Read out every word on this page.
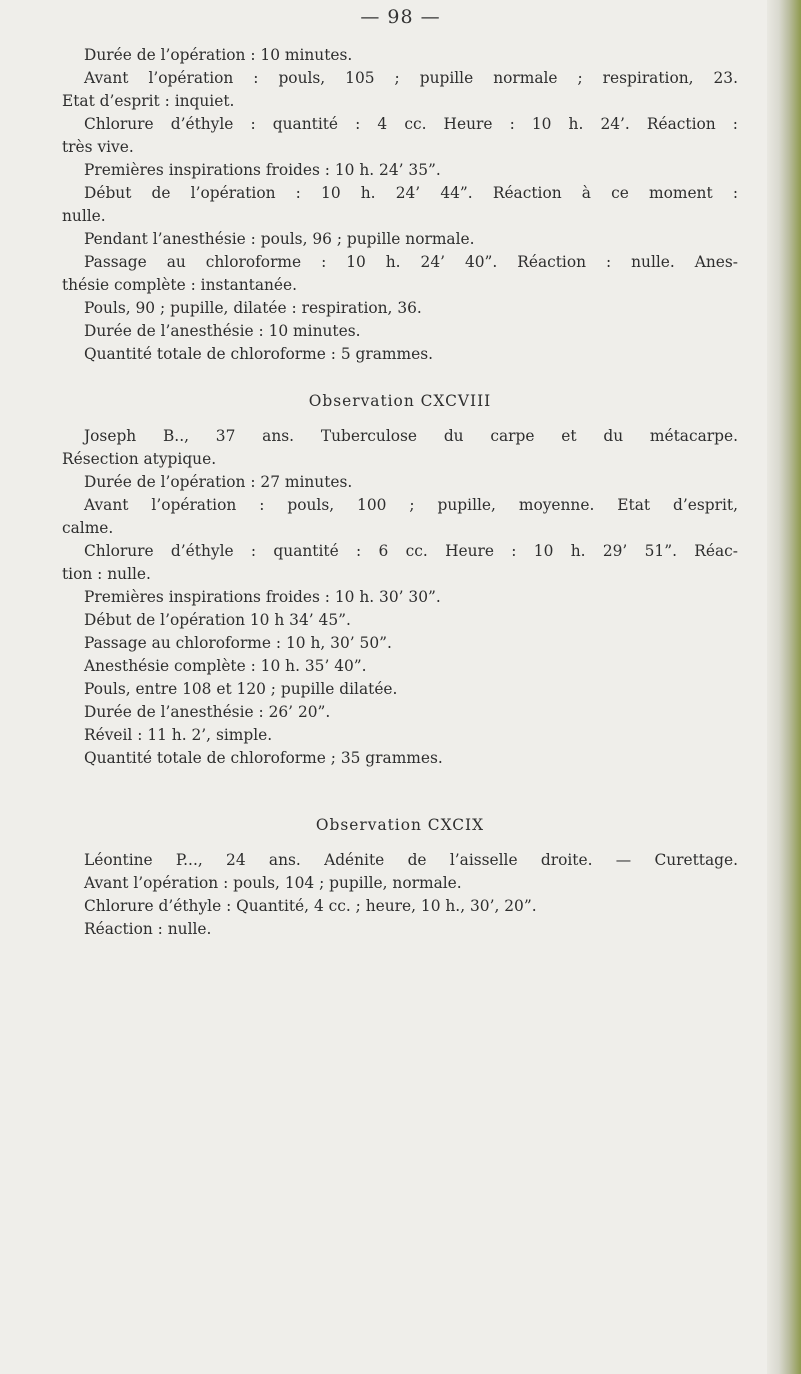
— 98 —

Durée de l’opération : 10 minutes.

Avant l’opération : pouls, 105 ; pupille normale ; respiration, 23.

Etat d’esprit : inquiet.

Chlorure d’éthyle : quantité : 4 cc. Heure : 10 h. 24’. Réaction :

très vive.

Premières inspirations froides : 10 h. 24’ 35”.

Début de l’opération : 10 h. 24’ 44”. Réaction à ce moment :

nulle.

Pendant l’anesthésie : pouls, 96 ; pupille normale.

Passage au chloroforme : 10 h. 24’ 40”. Réaction : nulle. Anes-

thésie complète : instantanée.

Pouls, 90 ; pupille, dilatée : respiration, 36.

Durée de l’anesthésie : 10 minutes.

Quantité totale de chloroforme : 5 grammes.

Observation CXCVIII

Joseph B.., 37 ans. Tuberculose du carpe et du métacarpe.

Résection atypique.

Durée de l’opération : 27 minutes.

Avant l’opération : pouls, 100 ; pupille, moyenne. Etat d’esprit,

calme.

Chlorure d’éthyle : quantité : 6 cc. Heure : 10 h. 29’ 51”. Réac-

tion : nulle.

Premières inspirations froides : 10 h. 30’ 30”.

Début de l’opération 10 h 34’ 45”.

Passage au chloroforme : 10 h, 30’ 50”.

Anesthésie complète : 10 h. 35’ 40”.

Pouls, entre 108 et 120 ; pupille dilatée.

Durée de l’anesthésie : 26’ 20”.

Réveil : 11 h. 2’, simple.

Quantité totale de chloroforme ; 35 grammes.

Observation CXCIX

Léontine P..., 24 ans. Adénite de l’aisselle droite. — Curettage.

Avant l’opération : pouls, 104 ; pupille, normale.

Chlorure d’éthyle : Quantité, 4 cc. ; heure, 10 h., 30’, 20”.

Réaction : nulle.
